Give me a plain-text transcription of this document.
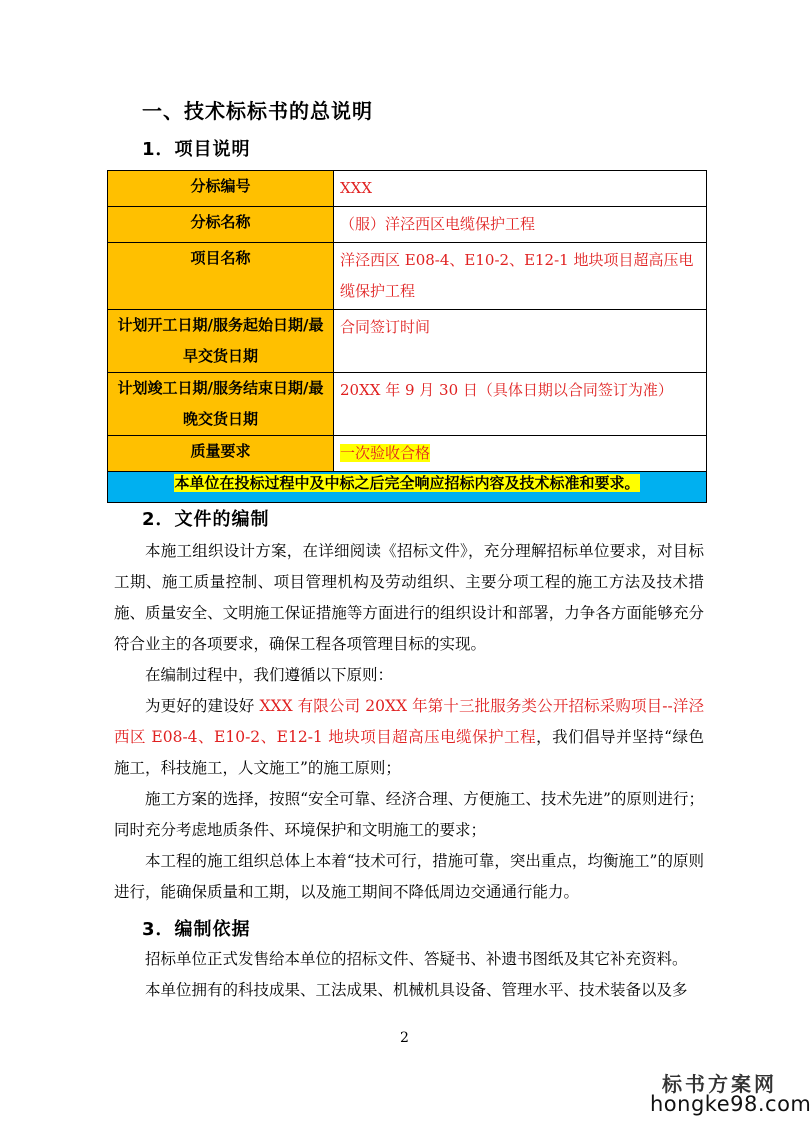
一、技术标标书的总说明
1．项目说明
分标编号	XXX
分标名称	（服）洋泾西区电缆保护工程
项目名称	洋泾西区 E08-4、E10-2、E12-1 地块项目超高压电缆保护工程
计划开工日期/服务起始日期/最早交货日期	合同签订时间
计划竣工日期/服务结束日期/最晚交货日期	20XX 年 9 月 30 日（具体日期以合同签订为准）
质量要求	一次验收合格
本单位在投标过程中及中标之后完全响应招标内容及技术标准和要求。	
2．文件的编制
本施工组织设计方案，在详细阅读《招标文件》，充分理解招标单位要求，对目标工期、施工质量控制、项目管理机构及劳动组织、主要分项工程的施工方法及技术措施、质量安全、文明施工保证措施等方面进行的组织设计和部署，力争各方面能够充分符合业主的各项要求，确保工程各项管理目标的实现。
在编制过程中，我们遵循以下原则：
为更好的建设好 XXX 有限公司 20XX 年第十三批服务类公开招标采购项目--洋泾西区 E08-4、E10-2、E12-1 地块项目超高压电缆保护工程，我们倡导并坚持“绿色施工，科技施工，人文施工”的施工原则；
施工方案的选择，按照“安全可靠、经济合理、方便施工、技术先进”的原则进行；同时充分考虑地质条件、环境保护和文明施工的要求；
本工程的施工组织总体上本着“技术可行，措施可靠，突出重点，均衡施工”的原则进行，能确保质量和工期，以及施工期间不降低周边交通通行能力。
3．编制依据
招标单位正式发售给本单位的招标文件、答疑书、补遗书图纸及其它补充资料。
本单位拥有的科技成果、工法成果、机械机具设备、管理水平、技术装备以及多
2
标书方案网
hongke98.com
